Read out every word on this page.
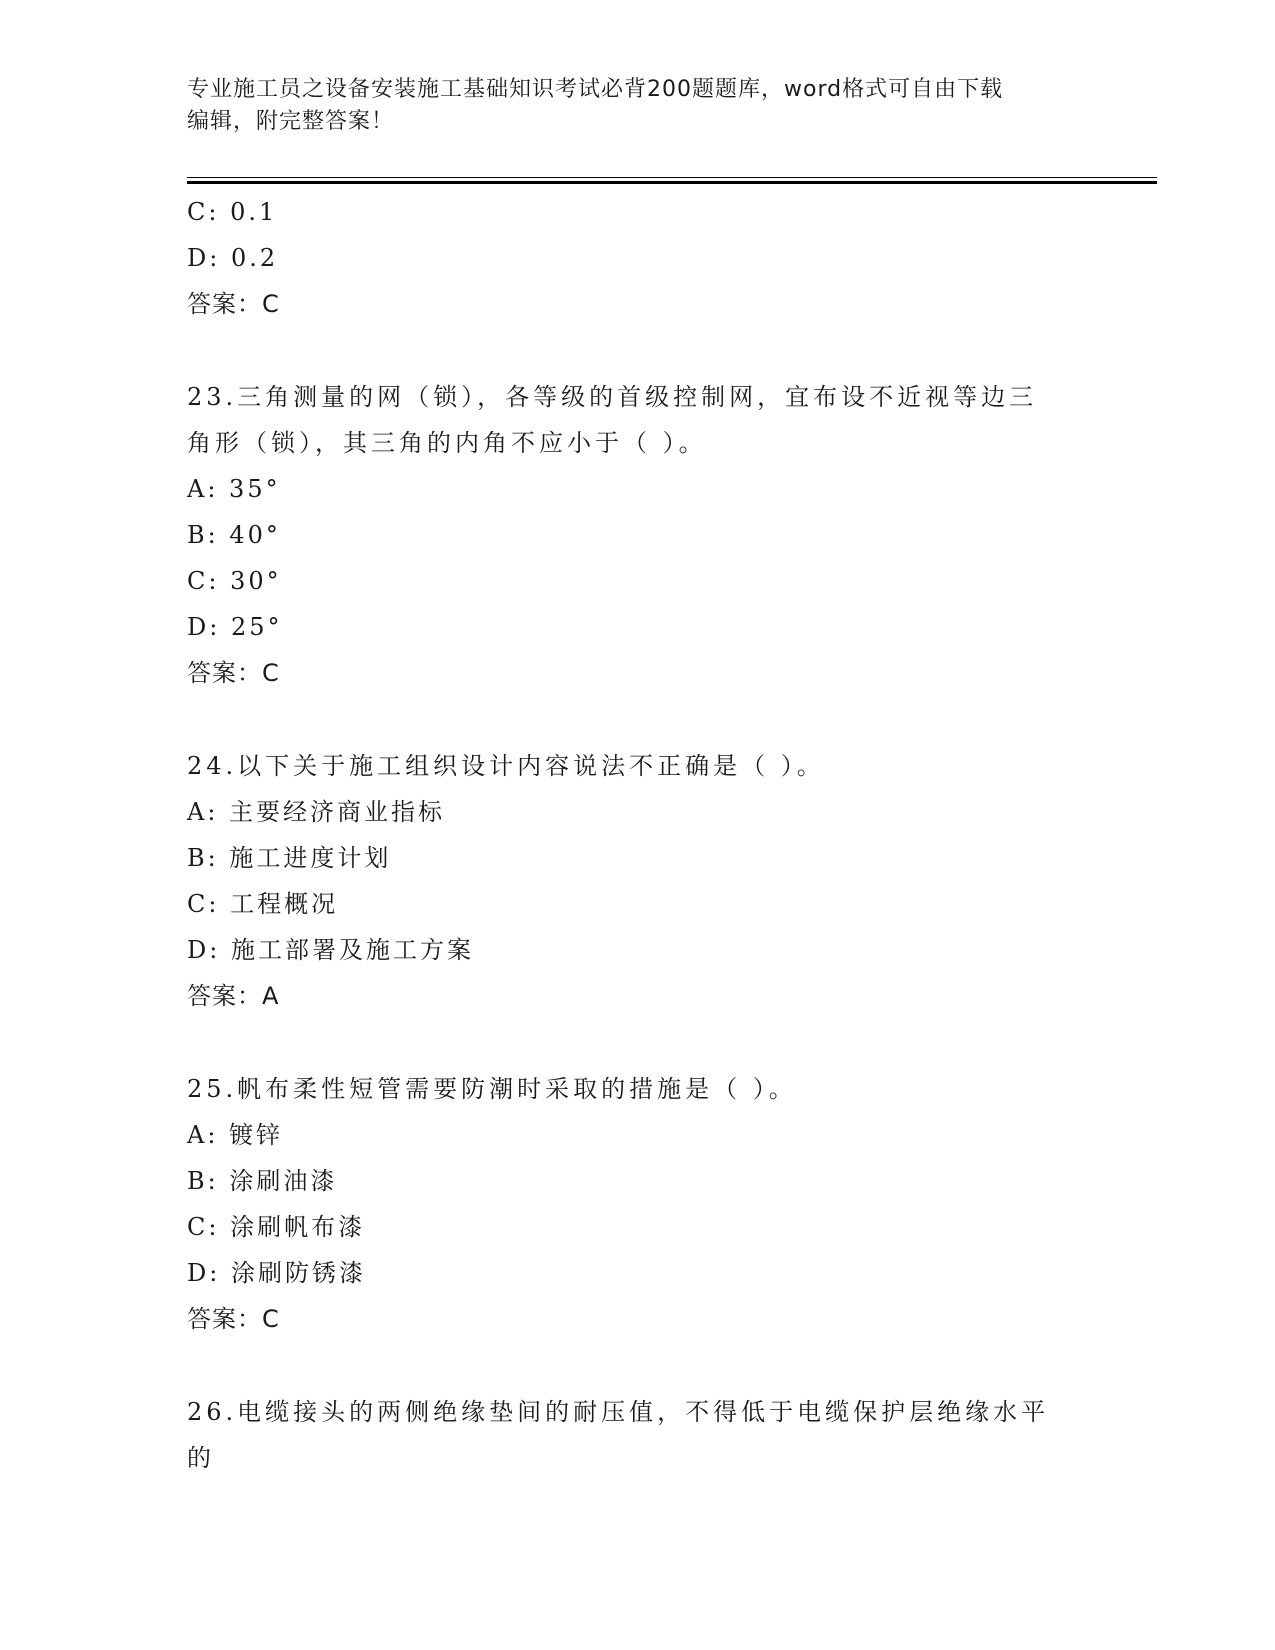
专业施工员之设备安装施工基础知识考试必背200题题库，word格式可自由下载
编辑，附完整答案！
C: 0.1
D: 0.2
答案：C
23.三角测量的网（锁），各等级的首级控制网，宜布设不近视等边三
角形（锁），其三角的内角不应小于（ ）。
A: 35°
B: 40°
C: 30°
D: 25°
答案：C
24.以下关于施工组织设计内容说法不正确是（ ）。
A: 主要经济商业指标
B: 施工进度计划
C: 工程概况
D: 施工部署及施工方案
答案：A
25.帆布柔性短管需要防潮时采取的措施是（ ）。
A: 镀锌
B: 涂刷油漆
C: 涂刷帆布漆
D: 涂刷防锈漆
答案：C
26.电缆接头的两侧绝缘垫间的耐压值，不得低于电缆保护层绝缘水平
的
